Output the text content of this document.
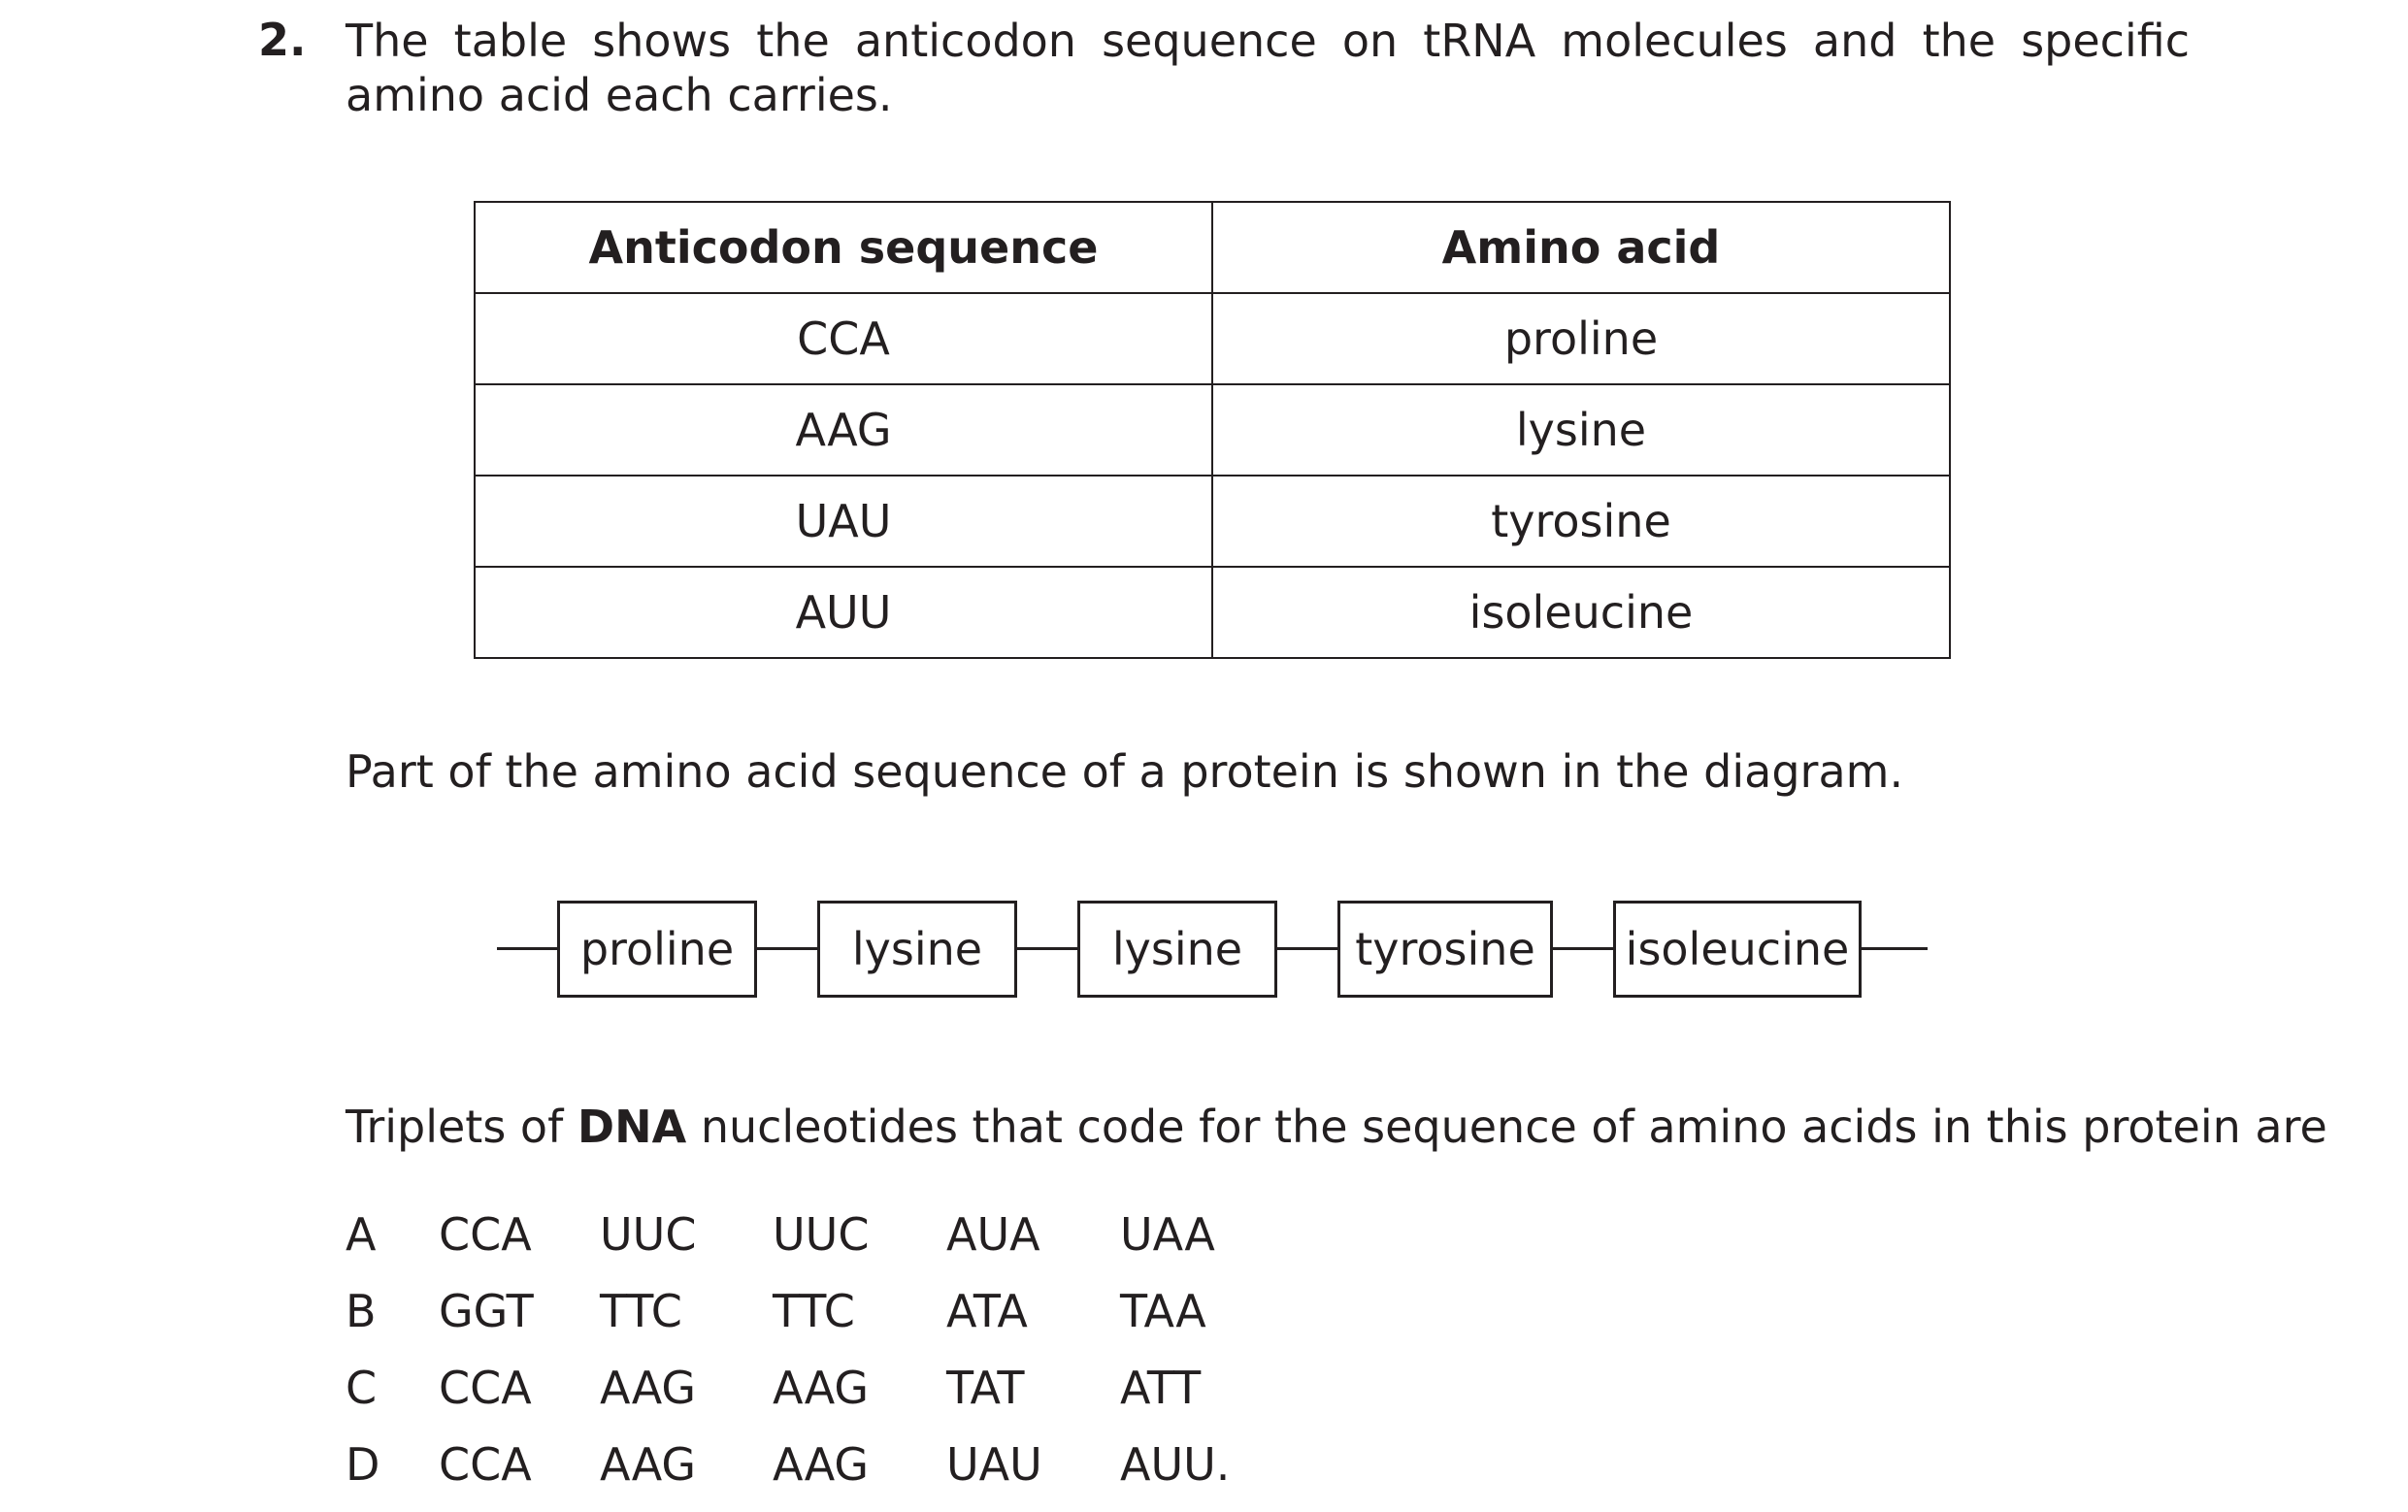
2. The table shows the anticodon sequence on tRNA molecules and the specific amino acid each carries.
Anticodon sequence	Amino acid
CCA	proline
AAG	lysine
UAU	tyrosine
AUU	isoleucine
Part of the amino acid sequence of a protein is shown in the diagram.
proline	lysine	lysine	tyrosine	isoleucine
Triplets of DNA nucleotides that code for the sequence of amino acids in this protein are
A CCA UUC UUC AUA UAA
B GGT TTC TTC ATA TAA
C CCA AAG AAG TAT ATT
D CCA AAG AAG UAU AUU.
